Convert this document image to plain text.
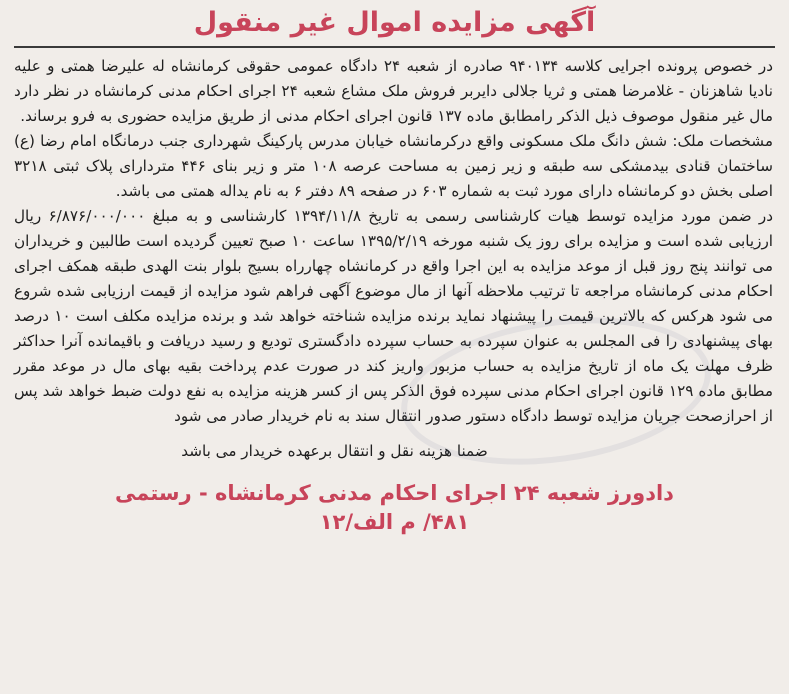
آگهی مزایده اموال غیر منقول

در خصوص پرونده اجرایی کلاسه ۹۴۰۱۳۴ صادره از شعبه ۲۴ دادگاه عمومی حقوقی کرمانشاه له علیرضا همتی و علیه نادیا شاهزنان - غلامرضا همتی و ثریا جلالی دایربر فروش ملک مشاع شعبه ۲۴ اجرای احکام مدنی کرمانشاه در نظر دارد مال غیر منقول موصوف ذیل الذکر رامطابق ماده ۱۳۷ قانون اجرای احکام مدنی از طریق مزایده حضوری به فرو برساند.

مشخصات ملک: شش دانگ ملک مسکونی واقع درکرمانشاه خیابان مدرس پارکینگ شهرداری جنب درمانگاه امام رضا (ع) ساختمان قنادی بیدمشکی سه طبقه و زیر زمین به مساحت عرصه ۱۰۸ متر و زیر بنای ۴۴۶ متردارای پلاک ثبتی ۳۲۱۸ اصلی بخش دو کرمانشاه دارای مورد ثبت به شماره ۶۰۳ در صفحه ۸۹ دفتر ۶ به نام یداله همتی می باشد.

در ضمن مورد مزایده توسط هیات کارشناسی رسمی به تاریخ ۱۳۹۴/۱۱/۸ کارشناسی و به مبلغ ۶/۸۷۶/۰۰۰/۰۰۰ ریال ارزیابی شده است و مزایده برای روز یک شنبه مورخه ۱۳۹۵/۲/۱۹ ساعت ۱۰ صبح تعیین گردیده است طالبین و خریداران می توانند پنج روز قبل از موعد مزایده به این اجرا واقع در کرمانشاه چهارراه بسیج بلوار بنت الهدی طبقه همکف اجرای احکام مدنی کرمانشاه مراجعه تا ترتیب ملاحظه آنها از مال موضوع آگهی فراهم شود مزایده از قیمت ارزیابی شده شروع می شود هرکس که بالاترین قیمت را پیشنهاد نماید برنده مزایده شناخته خواهد شد و برنده مزایده مکلف است ۱۰ درصد بهای پیشنهادی را فی المجلس به عنوان سپرده به حساب سپرده دادگستری تودیع و رسید دریافت و باقیمانده آنرا حداکثر ظرف مهلت یک ماه از تاریخ مزایده به حساب مزبور واریز کند در صورت عدم پرداخت بقیه بهای مال در موعد مقرر مطابق ماده ۱۲۹ قانون اجرای احکام مدنی سپرده فوق الذکر پس از کسر هزینه مزایده به نفع دولت ضبط خواهد شد پس از احرازصحت جریان مزایده توسط دادگاه دستور صدور انتقال سند به نام خریدار صادر می شود

ضمنا هزینه نقل و انتقال برعهده خریدار می باشد
دادورز شعبه ۲۴ اجرای احکام مدنی کرمانشاه - رستمی
۴۸۱/ م الف/۱۲
